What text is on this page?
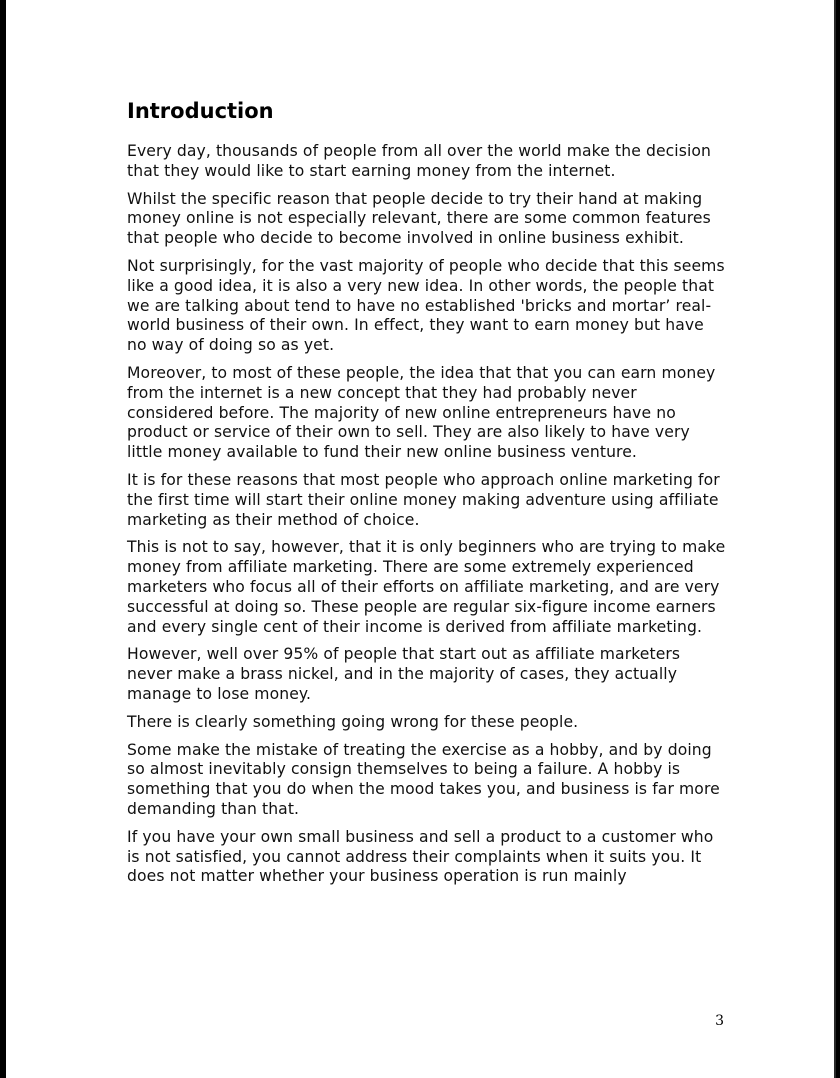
Introduction

Every day, thousands of people from all over the world make the decision that they would like to start earning money from the internet.

Whilst the specific reason that people decide to try their hand at making money online is not especially relevant, there are some common features that people who decide to become involved in online business exhibit.

Not surprisingly, for the vast majority of people who decide that this seems like a good idea, it is also a very new idea. In other words, the people that we are talking about tend to have no established 'bricks and mortar’ real-world business of their own. In effect, they want to earn money but have no way of doing so as yet.

Moreover, to most of these people, the idea that that you can earn money from the internet is a new concept that they had probably never considered before. The majority of new online entrepreneurs have no product or service of their own to sell. They are also likely to have very little money available to fund their new online business venture.

It is for these reasons that most people who approach online marketing for the first time will start their online money making adventure using affiliate marketing as their method of choice.

This is not to say, however, that it is only beginners who are trying to make money from affiliate marketing. There are some extremely experienced marketers who focus all of their efforts on affiliate marketing, and are very successful at doing so. These people are regular six-figure income earners and every single cent of their income is derived from affiliate marketing.

However, well over 95% of people that start out as affiliate marketers never make a brass nickel, and in the majority of cases, they actually manage to lose money.

There is clearly something going wrong for these people.

Some make the mistake of treating the exercise as a hobby, and by doing so almost inevitably consign themselves to being a failure. A hobby is something that you do when the mood takes you, and business is far more demanding than that.

If you have your own small business and sell a product to a customer who is not satisfied, you cannot address their complaints when it suits you. It does not matter whether your business operation is run mainly

3
